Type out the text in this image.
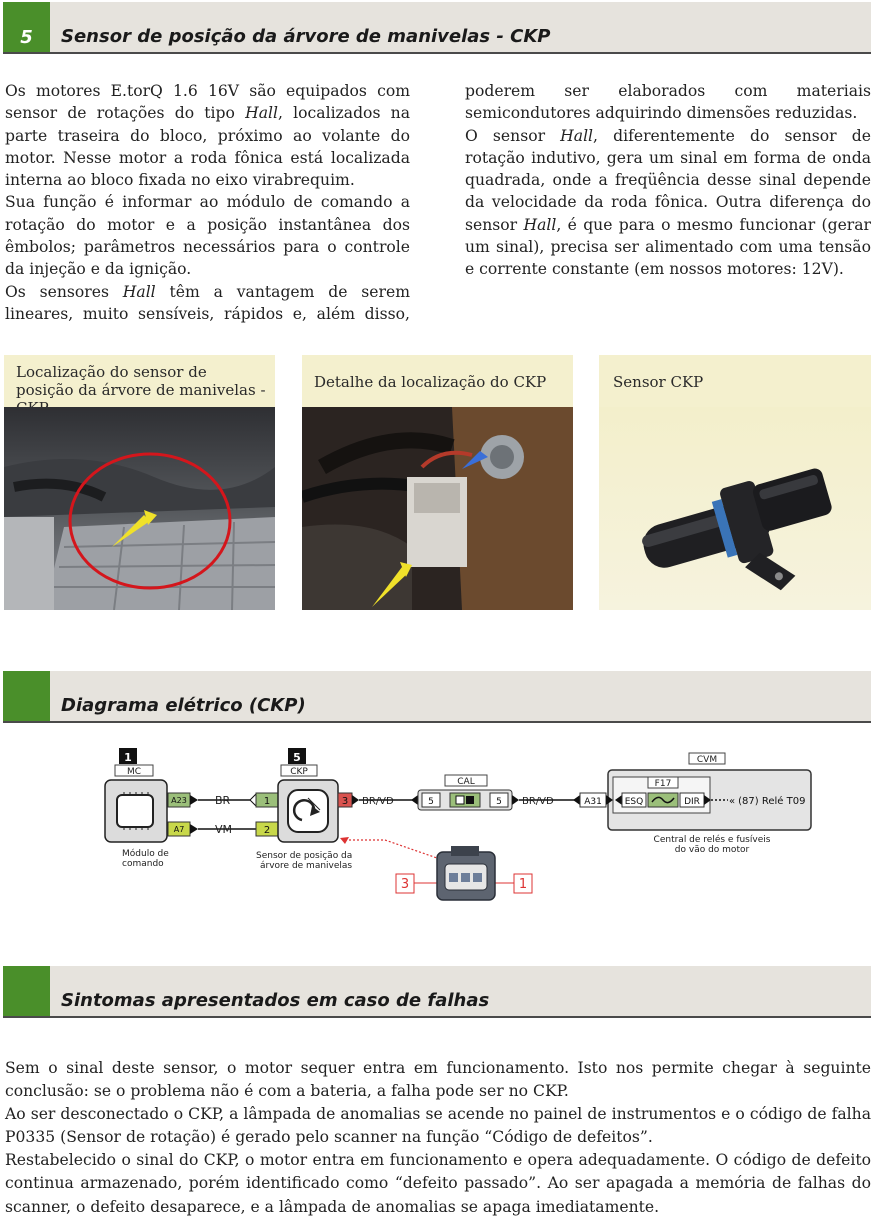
5 Sensor de posição da árvore de manivelas - CKP

Os motores E.torQ 1.6 16V são equipados com sensor de rotações do tipo Hall, localizados na parte traseira do bloco, próximo ao volante do motor. Nesse motor a roda fônica está localizada interna ao bloco fixada no eixo virabrequim.

Sua função é informar ao módulo de comando a rotação do motor e a posição instantânea dos êmbolos; parâmetros necessários para o controle da injeção e da ignição.

Os sensores Hall têm a vantagem de serem lineares, muito sensíveis, rápidos e, além disso,

poderem ser elaborados com materiais semicondutores adquirindo dimensões reduzidas.

O sensor Hall, diferentemente do sensor de rotação indutivo, gera um sinal em forma de onda quadrada, onde a freqüência desse sinal depende da velocidade da roda fônica. Outra diferença do sensor Hall, é que para o mesmo funcionar (gerar um sinal), precisa ser alimentado com uma tensão e corrente constante (em nossos motores: 12V).

Localização do sensor de posição da árvore de manivelas -	Detalhe da localização do CKP	Sensor CKP
Diagrama elétrico (CKP)
1
MC
A23
A7
Módulo de
comando
BR
VM
5
CKP
1
2
3
Sensor de posição da
árvore de manivelas
BR/VD
CAL
5	5 BR/VD
CVM
A31
F17
ESQ	DIR	« (87) Relé T09
Central de relés e fusíveis
do vão do motor
3	1
Sintomas apresentados em caso de falhas

Sem o sinal deste sensor, o motor sequer entra em funcionamento. Isto nos permite chegar à seguinte conclusão: se o problema não é com a bateria, a falha pode ser no CKP.

Ao ser desconectado o CKP, a lâmpada de anomalias se acende no painel de instrumentos e o código de falha P0335 (Sensor de rotação) é gerado pelo scanner na função “Código de defeitos”.

Restabelecido o sinal do CKP, o motor entra em funcionamento e opera adequadamente. O código de defeito continua armazenado, porém identificado como “defeito passado”. Ao ser apagada a memória de falhas do scanner, o defeito desaparece, e a lâmpada de anomalias se apaga imediatamente.
